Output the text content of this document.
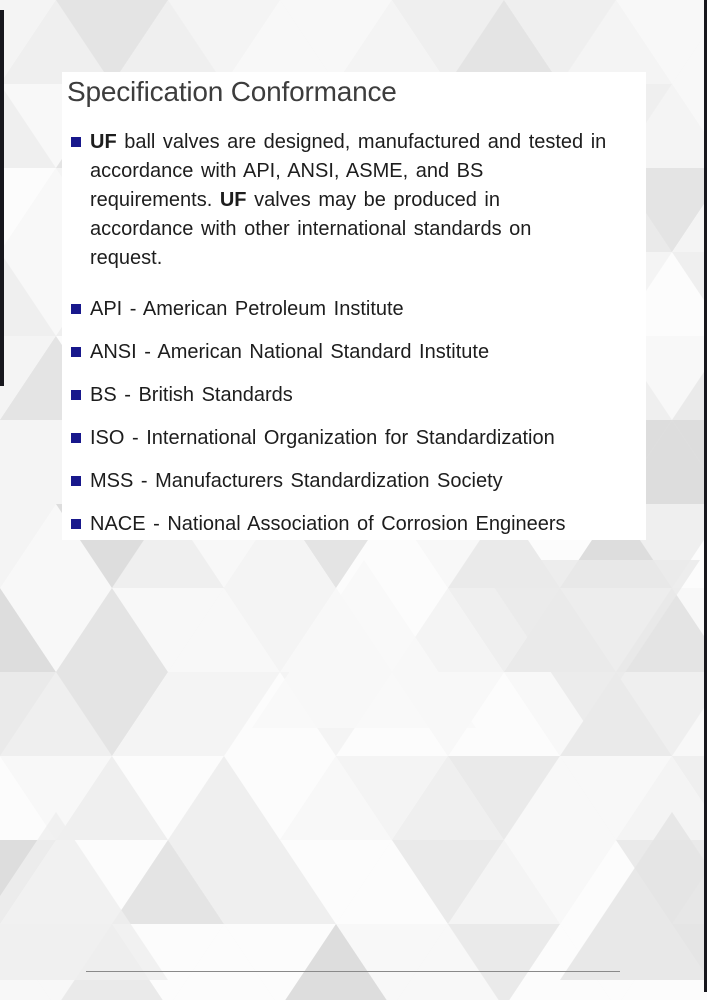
Specification Conformance
UF ball valves are designed, manufactured and tested in
accordance with API, ANSI, ASME, and BS
requirements. UF valves may be produced in
accordance with other international standards on
request.
API - American Petroleum Institute
ANSI - American National Standard Institute
BS - British Standards
ISO - International Organization for Standardization
MSS - Manufacturers Standardization Society
NACE - National Association of Corrosion Engineers
